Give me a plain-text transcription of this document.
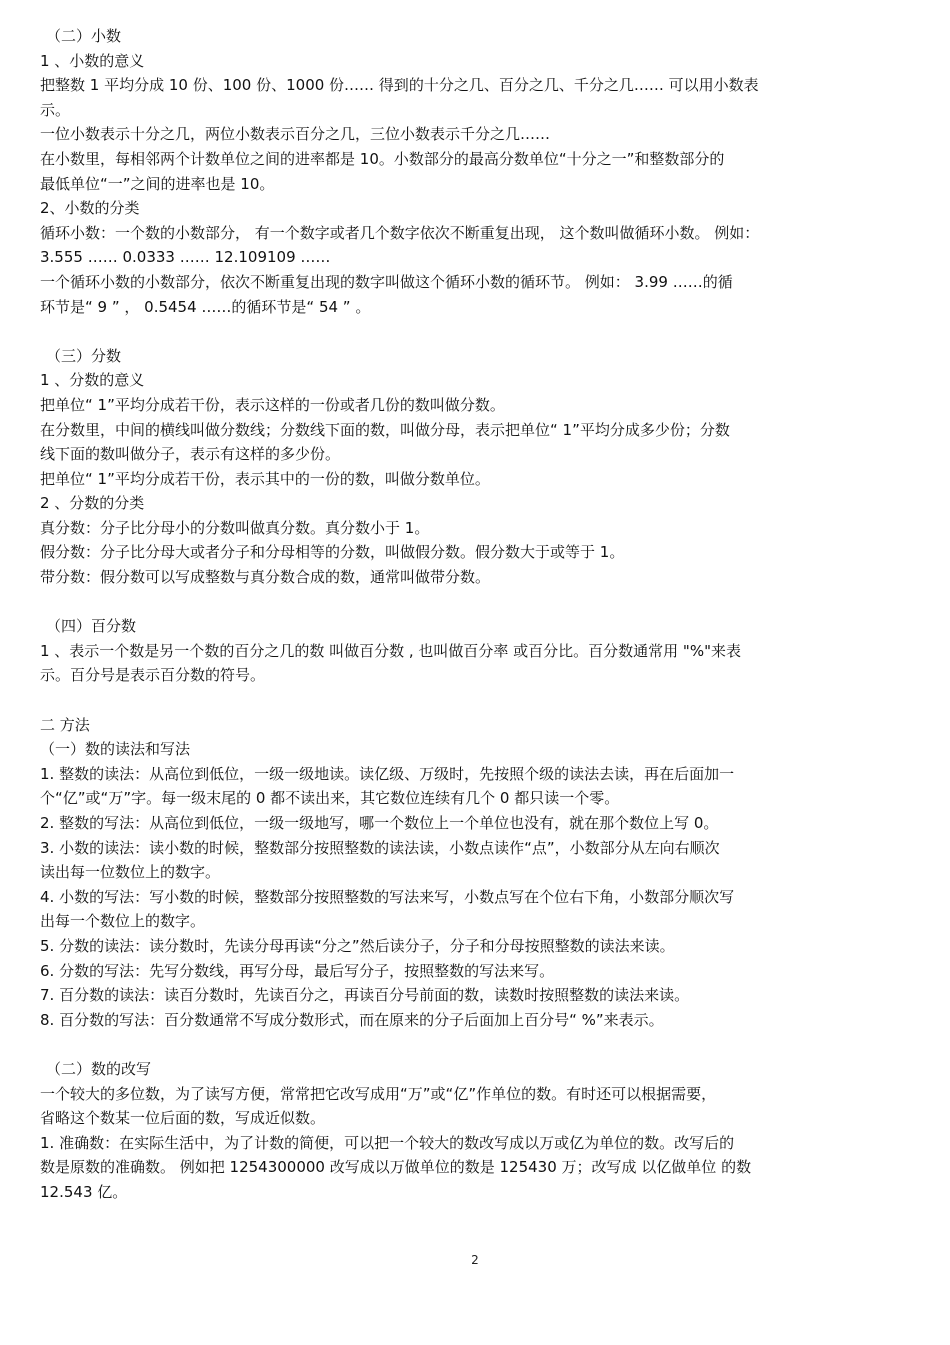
（二）小数
1 、小数的意义
把整数 1 平均分成 10 份、100 份、1000 份…… 得到的十分之几、百分之几、千分之几…… 可以用小数表
示。
一位小数表示十分之几，两位小数表示百分之几，三位小数表示千分之几……
在小数里，每相邻两个计数单位之间的进率都是 10。小数部分的最高分数单位“十分之一”和整数部分的
最低单位“一”之间的进率也是 10。
2、小数的分类
循环小数：一个数的小数部分， 有一个数字或者几个数字依次不断重复出现， 这个数叫做循环小数。 例如：
3.555 …… 0.0333 …… 12.109109 ……
一个循环小数的小数部分，依次不断重复出现的数字叫做这个循环小数的循环节。 例如： 3.99 ……的循
环节是“ 9 ” ， 0.5454 ……的循环节是“ 54 ” 。
（三）分数
1 、分数的意义
把单位“ 1”平均分成若干份，表示这样的一份或者几份的数叫做分数。
在分数里，中间的横线叫做分数线；分数线下面的数，叫做分母，表示把单位“ 1”平均分成多少份；分数
线下面的数叫做分子，表示有这样的多少份。
把单位“ 1”平均分成若干份，表示其中的一份的数，叫做分数单位。
2 、分数的分类
真分数：分子比分母小的分数叫做真分数。真分数小于 1。
假分数：分子比分母大或者分子和分母相等的分数，叫做假分数。假分数大于或等于 1。
带分数：假分数可以写成整数与真分数合成的数，通常叫做带分数。
（四）百分数
1 、表示一个数是另一个数的百分之几的数 叫做百分数 , 也叫做百分率 或百分比。百分数通常用 "%"来表
示。百分号是表示百分数的符号。
二 方法
（一）数的读法和写法
1. 整数的读法：从高位到低位，一级一级地读。读亿级、万级时，先按照个级的读法去读，再在后面加一
个“亿”或“万”字。每一级末尾的 0 都不读出来，其它数位连续有几个 0 都只读一个零。
2. 整数的写法：从高位到低位，一级一级地写，哪一个数位上一个单位也没有，就在那个数位上写 0。
3. 小数的读法：读小数的时候，整数部分按照整数的读法读，小数点读作“点”，小数部分从左向右顺次
读出每一位数位上的数字。
4. 小数的写法：写小数的时候，整数部分按照整数的写法来写，小数点写在个位右下角，小数部分顺次写
出每一个数位上的数字。
5. 分数的读法：读分数时，先读分母再读“分之”然后读分子，分子和分母按照整数的读法来读。
6. 分数的写法：先写分数线，再写分母，最后写分子，按照整数的写法来写。
7. 百分数的读法：读百分数时，先读百分之，再读百分号前面的数，读数时按照整数的读法来读。
8. 百分数的写法：百分数通常不写成分数形式，而在原来的分子后面加上百分号“ %”来表示。
（二）数的改写
一个较大的多位数，为了读写方便，常常把它改写成用“万”或“亿”作单位的数。有时还可以根据需要，
省略这个数某一位后面的数，写成近似数。
1. 准确数：在实际生活中，为了计数的简便，可以把一个较大的数改写成以万或亿为单位的数。改写后的
数是原数的准确数。 例如把 1254300000 改写成以万做单位的数是 125430 万；改写成 以亿做单位 的数
12.543 亿。
2
